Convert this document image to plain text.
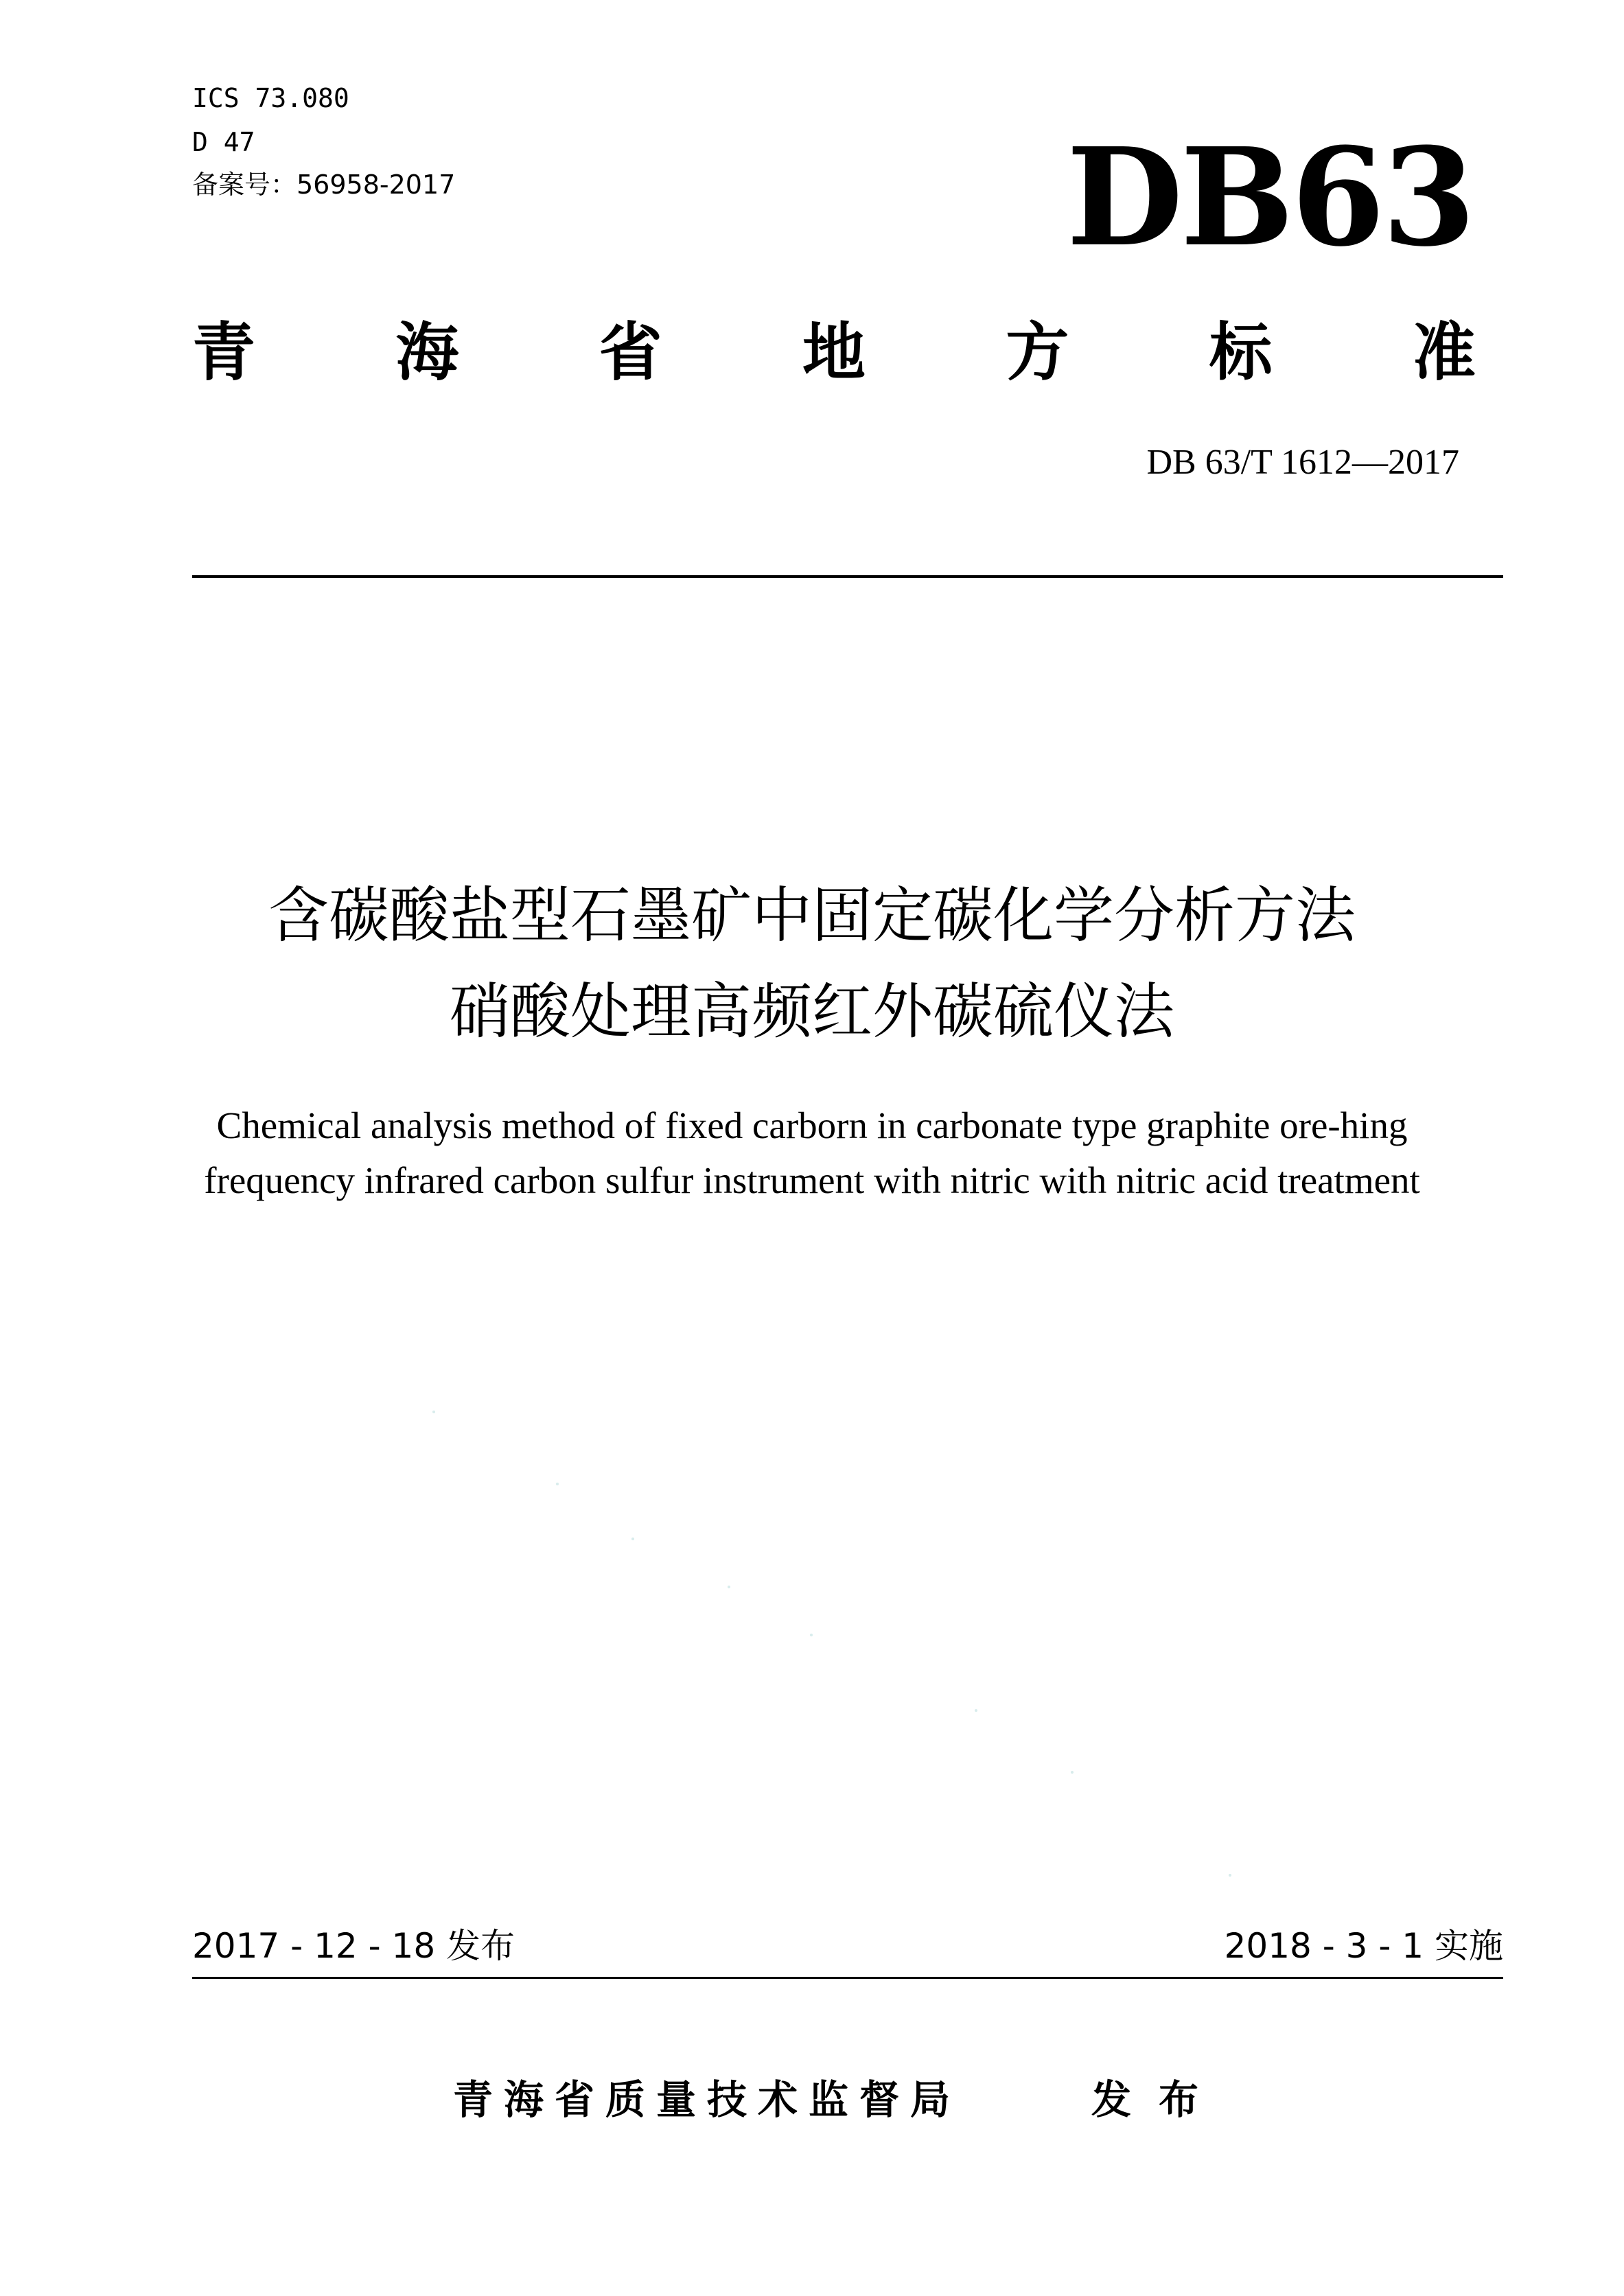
ICS 73.080
D 47
备案号：56958-2017	DB63
青 海 省 地 方 标 准
DB 63/T 1612—2017
含碳酸盐型石墨矿中固定碳化学分析方法
硝酸处理高频红外碳硫仪法
Chemical analysis method of fixed carborn in carbonate type graphite ore-hing
frequency infrared carbon sulfur instrument with nitric with nitric acid treatment
2017 - 12 - 18 发布	2018 - 3 - 1 实施
青海省质量技术监督局	发布
